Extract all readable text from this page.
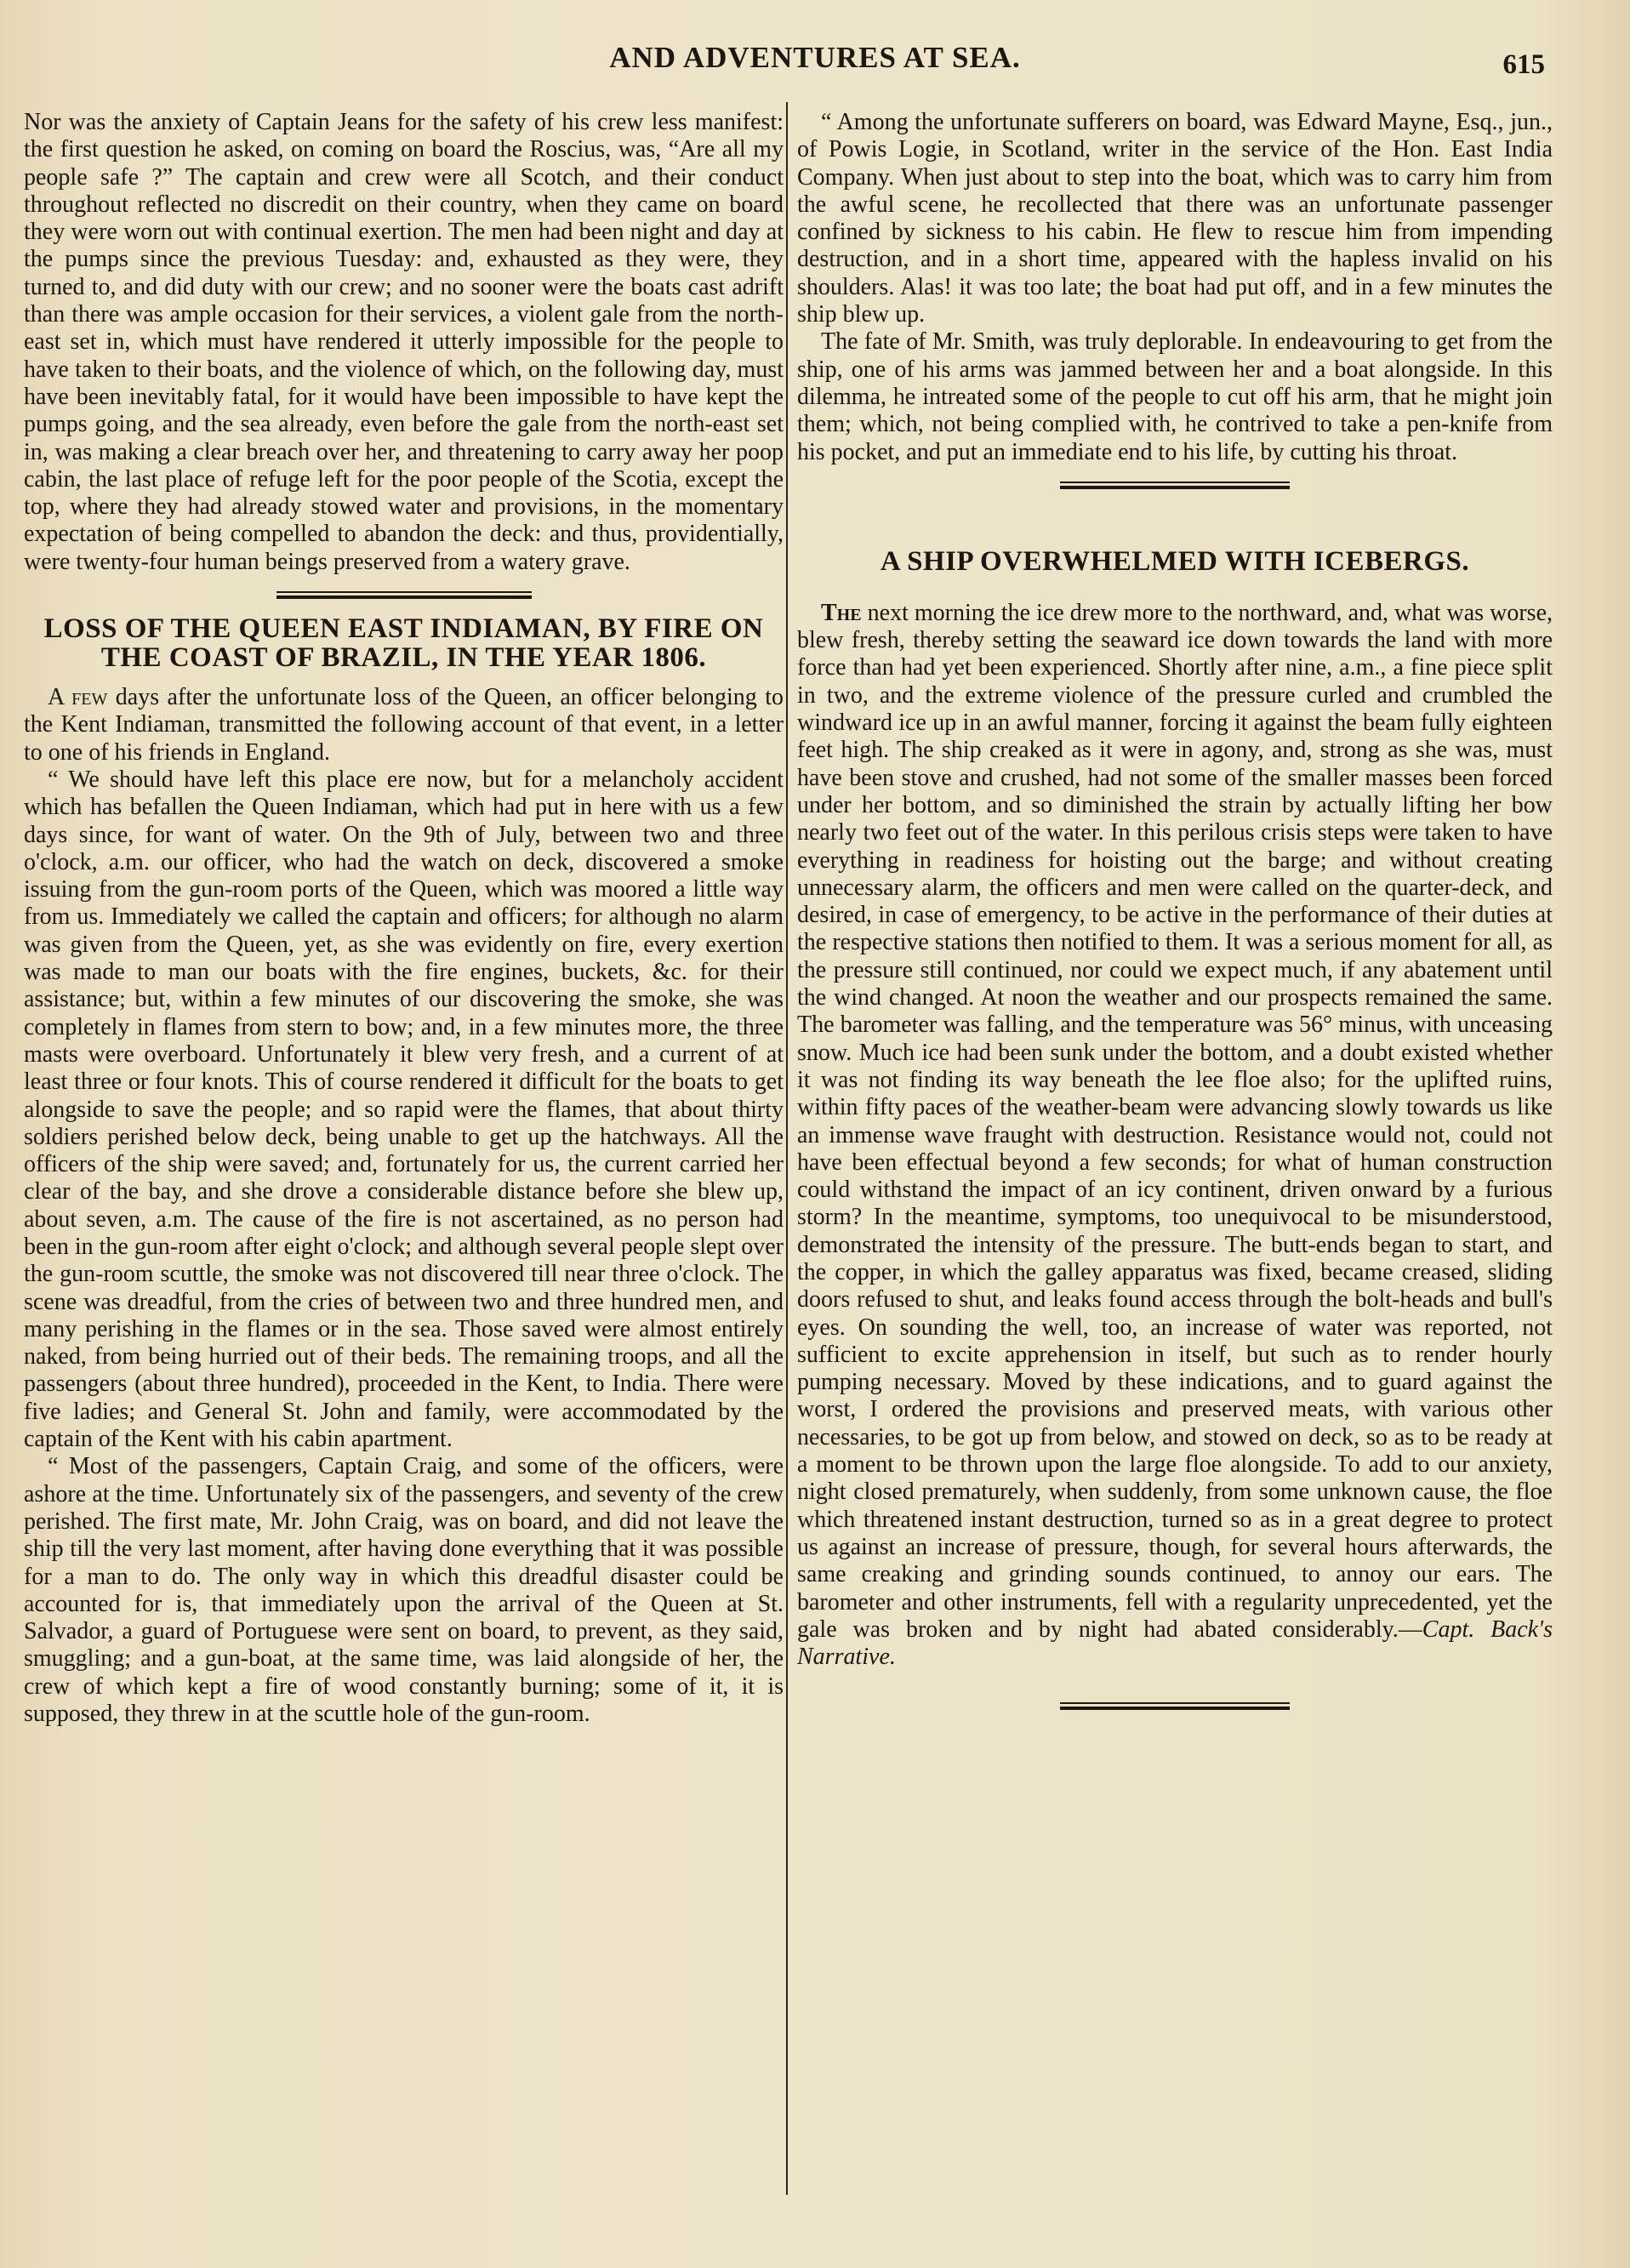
AND ADVENTURES AT SEA.	615

Nor was the anxiety of Captain Jeans for the safety of his crew less manifest: the first question he asked, on coming on board the Roscius, was, “Are all my people safe ?” The captain and crew were all Scotch, and their conduct throughout reflected no discredit on their country, when they came on board they were worn out with continual exertion. The men had been night and day at the pumps since the previous Tuesday: and, exhausted as they were, they turned to, and did duty with our crew; and no sooner were the boats cast adrift than there was ample occasion for their services, a violent gale from the north-east set in, which must have rendered it utterly impossible for the people to have taken to their boats, and the violence of which, on the following day, must have been inevitably fatal, for it would have been impossible to have kept the pumps going, and the sea already, even before the gale from the north-east set in, was making a clear breach over her, and threatening to carry away her poop cabin, the last place of refuge left for the poor people of the Scotia, except the top, where they had already stowed water and provisions, in the momentary expectation of being compelled to abandon the deck: and thus, providentially, were twenty-four human beings preserved from a watery grave.

LOSS OF THE QUEEN EAST INDIAMAN, BY FIRE ON THE COAST OF BRAZIL, IN THE YEAR 1806.

A few days after the unfortunate loss of the Queen, an officer belonging to the Kent Indiaman, transmitted the following account of that event, in a letter to one of his friends in England.

“ We should have left this place ere now, but for a melancholy accident which has befallen the Queen Indiaman, which had put in here with us a few days since, for want of water. On the 9th of July, between two and three o'clock, a.m. our officer, who had the watch on deck, discovered a smoke issuing from the gun-room ports of the Queen, which was moored a little way from us. Immediately we called the captain and officers; for although no alarm was given from the Queen, yet, as she was evidently on fire, every exertion was made to man our boats with the fire engines, buckets, &c. for their assistance; but, within a few minutes of our discovering the smoke, she was completely in flames from stern to bow; and, in a few minutes more, the three masts were overboard. Unfortunately it blew very fresh, and a current of at least three or four knots. This of course rendered it difficult for the boats to get alongside to save the people; and so rapid were the flames, that about thirty soldiers perished below deck, being unable to get up the hatchways. All the officers of the ship were saved; and, fortunately for us, the current carried her clear of the bay, and she drove a considerable distance before she blew up, about seven, a.m. The cause of the fire is not ascertained, as no person had been in the gun-room after eight o'clock; and although several people slept over the gun-room scuttle, the smoke was not discovered till near three o'clock. The scene was dreadful, from the cries of between two and three hundred men, and many perishing in the flames or in the sea. Those saved were almost entirely naked, from being hurried out of their beds. The remaining troops, and all the passengers (about three hundred), proceeded in the Kent, to India. There were five ladies; and General St. John and family, were accommodated by the captain of the Kent with his cabin apartment.

“ Most of the passengers, Captain Craig, and some of the officers, were ashore at the time. Unfortunately six of the passengers, and seventy of the crew perished. The first mate, Mr. John Craig, was on board, and did not leave the ship till the very last moment, after having done everything that it was possible for a man to do. The only way in which this dreadful disaster could be accounted for is, that immediately upon the arrival of the Queen at St. Salvador, a guard of Portuguese were sent on board, to prevent, as they said, smuggling; and a gun-boat, at the same time, was laid alongside of her, the crew of which kept a fire of wood constantly burning; some of it, it is supposed, they threw in at the scuttle hole of the gun-room.

“ Among the unfortunate sufferers on board, was Edward Mayne, Esq., jun., of Powis Logie, in Scotland, writer in the service of the Hon. East India Company. When just about to step into the boat, which was to carry him from the awful scene, he recollected that there was an unfortunate passenger confined by sickness to his cabin. He flew to rescue him from impending destruction, and in a short time, appeared with the hapless invalid on his shoulders. Alas! it was too late; the boat had put off, and in a few minutes the ship blew up.

The fate of Mr. Smith, was truly deplorable. In endeavouring to get from the ship, one of his arms was jammed between her and a boat alongside. In this dilemma, he intreated some of the people to cut off his arm, that he might join them; which, not being complied with, he contrived to take a pen-knife from his pocket, and put an immediate end to his life, by cutting his throat.

A SHIP OVERWHELMED WITH ICEBERGS.

The next morning the ice drew more to the northward, and, what was worse, blew fresh, thereby setting the seaward ice down towards the land with more force than had yet been experienced. Shortly after nine, a.m., a fine piece split in two, and the extreme violence of the pressure curled and crumbled the windward ice up in an awful manner, forcing it against the beam fully eighteen feet high. The ship creaked as it were in agony, and, strong as she was, must have been stove and crushed, had not some of the smaller masses been forced under her bottom, and so diminished the strain by actually lifting her bow nearly two feet out of the water. In this perilous crisis steps were taken to have everything in readiness for hoisting out the barge; and without creating unnecessary alarm, the officers and men were called on the quarter-deck, and desired, in case of emergency, to be active in the performance of their duties at the respective stations then notified to them. It was a serious moment for all, as the pressure still continued, nor could we expect much, if any abatement until the wind changed. At noon the weather and our prospects remained the same. The barometer was falling, and the temperature was 56° minus, with unceasing snow. Much ice had been sunk under the bottom, and a doubt existed whether it was not finding its way beneath the lee floe also; for the uplifted ruins, within fifty paces of the weather-beam were advancing slowly towards us like an immense wave fraught with destruction. Resistance would not, could not have been effectual beyond a few seconds; for what of human construction could withstand the impact of an icy continent, driven onward by a furious storm? In the meantime, symptoms, too unequivocal to be misunderstood, demonstrated the intensity of the pressure. The butt-ends began to start, and the copper, in which the galley apparatus was fixed, became creased, sliding doors refused to shut, and leaks found access through the bolt-heads and bull's eyes. On sounding the well, too, an increase of water was reported, not sufficient to excite apprehension in itself, but such as to render hourly pumping necessary. Moved by these indications, and to guard against the worst, I ordered the provisions and preserved meats, with various other necessaries, to be got up from below, and stowed on deck, so as to be ready at a moment to be thrown upon the large floe alongside. To add to our anxiety, night closed prematurely, when suddenly, from some unknown cause, the floe which threatened instant destruction, turned so as in a great degree to protect us against an increase of pressure, though, for several hours afterwards, the same creaking and grinding sounds continued, to annoy our ears. The barometer and other instruments, fell with a regularity unprecedented, yet the gale was broken and by night had abated considerably.—Capt. Back's Narrative.
